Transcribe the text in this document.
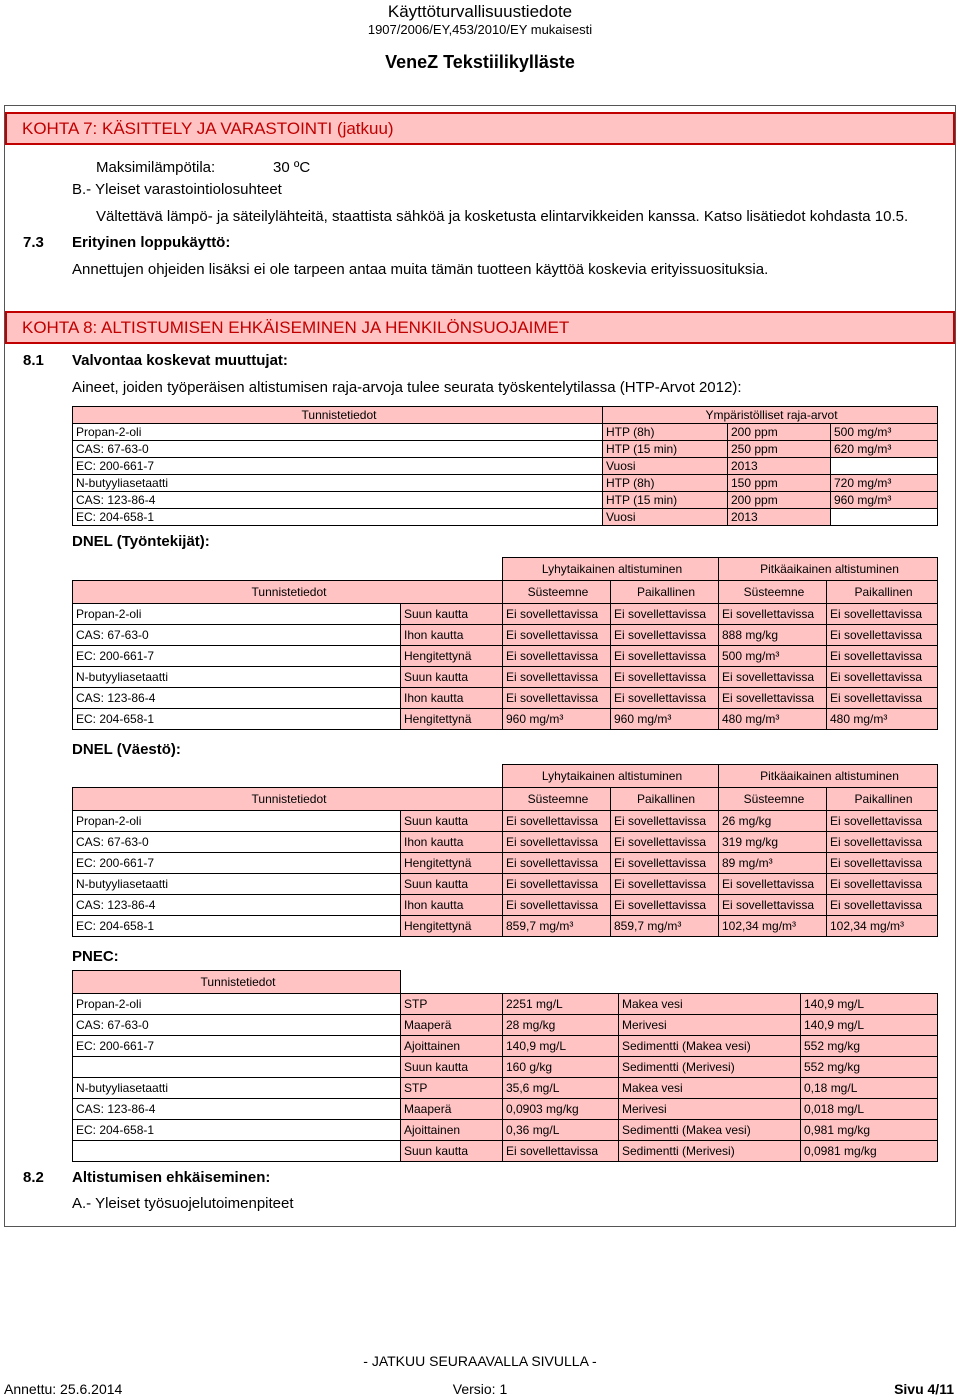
Käyttöturvallisuustiedote
1907/2006/EY,453/2010/EY mukaisesti
VeneZ Tekstiilikylläste
KOHTA 7: KÄSITTELY JA VARASTOINTI (jatkuu)
Maksimilämpötila:	30 ºC
B.- Yleiset varastointiolosuhteet
Vältettävä lämpö- ja säteilylähteitä, staattista sähköä ja kosketusta elintarvikkeiden kanssa. Katso lisätiedot kohdasta 10.5.
7.3 Erityinen loppukäyttö:
Annettujen ohjeiden lisäksi ei ole tarpeen antaa muita tämän tuotteen käyttöä koskevia erityissuosituksia.
KOHTA 8: ALTISTUMISEN EHKÄISEMINEN JA HENKILÖNSUOJAIMET
8.1 Valvontaa koskevat muuttujat:
Aineet, joiden työperäisen altistumisen raja-arvoja tulee seurata työskentelytilassa (HTP-Arvot 2012):
Tunnistetiedot	Ympäristölliset raja-arvot		
Propan-2-oli	HTP (8h)	200 ppm	500 mg/m³
CAS: 67-63-0	HTP (15 min)	250 ppm	620 mg/m³
EC: 200-661-7	Vuosi	2013	
N-butyyliasetaatti	HTP (8h)	150 ppm	720 mg/m³
CAS: 123-86-4	HTP (15 min)	200 ppm	960 mg/m³
EC: 204-658-1	Vuosi	2013	
DNEL (Työntekijät):
		Lyhytaikainen altistuminen		Pitkäaikainen altistuminen	
Tunnistetiedot		Süsteemne	Paikallinen	Süsteemne	Paikallinen
Propan-2-oli	Suun kautta	Ei sovellettavissa	Ei sovellettavissa	Ei sovellettavissa	Ei sovellettavissa
CAS: 67-63-0	Ihon kautta	Ei sovellettavissa	Ei sovellettavissa	888 mg/kg	Ei sovellettavissa
EC: 200-661-7	Hengitettynä	Ei sovellettavissa	Ei sovellettavissa	500 mg/m³	Ei sovellettavissa
N-butyyliasetaatti	Suun kautta	Ei sovellettavissa	Ei sovellettavissa	Ei sovellettavissa	Ei sovellettavissa
CAS: 123-86-4	Ihon kautta	Ei sovellettavissa	Ei sovellettavissa	Ei sovellettavissa	Ei sovellettavissa
EC: 204-658-1	Hengitettynä	960 mg/m³	960 mg/m³	480 mg/m³	480 mg/m³
DNEL (Väestö):
		Lyhytaikainen altistuminen		Pitkäaikainen altistuminen	
Tunnistetiedot		Süsteemne	Paikallinen	Süsteemne	Paikallinen
Propan-2-oli	Suun kautta	Ei sovellettavissa	Ei sovellettavissa	26 mg/kg	Ei sovellettavissa
CAS: 67-63-0	Ihon kautta	Ei sovellettavissa	Ei sovellettavissa	319 mg/kg	Ei sovellettavissa
EC: 200-661-7	Hengitettynä	Ei sovellettavissa	Ei sovellettavissa	89 mg/m³	Ei sovellettavissa
N-butyyliasetaatti	Suun kautta	Ei sovellettavissa	Ei sovellettavissa	Ei sovellettavissa	Ei sovellettavissa
CAS: 123-86-4	Ihon kautta	Ei sovellettavissa	Ei sovellettavissa	Ei sovellettavissa	Ei sovellettavissa
EC: 204-658-1	Hengitettynä	859,7 mg/m³	859,7 mg/m³	102,34 mg/m³	102,34 mg/m³
PNEC:
Tunnistetiedot				
Propan-2-oli	STP	2251 mg/L	Makea vesi	140,9 mg/L
CAS: 67-63-0	Maaperä	28 mg/kg	Merivesi	140,9 mg/L
EC: 200-661-7	Ajoittainen	140,9 mg/L	Sedimentti (Makea vesi)	552 mg/kg
	Suun kautta	160 g/kg	Sedimentti (Merivesi)	552 mg/kg
N-butyyliasetaatti	STP	35,6 mg/L	Makea vesi	0,18 mg/L
CAS: 123-86-4	Maaperä	0,0903 mg/kg	Merivesi	0,018 mg/L
EC: 204-658-1	Ajoittainen	0,36 mg/L	Sedimentti (Makea vesi)	0,981 mg/kg
	Suun kautta	Ei sovellettavissa	Sedimentti (Merivesi)	0,0981 mg/kg
8.2 Altistumisen ehkäiseminen:
A.- Yleiset työsuojelutoimenpiteet
- JATKUU SEURAAVALLA SIVULLA -
Annettu: 25.6.2014	Versio: 1	Sivu 4/11
